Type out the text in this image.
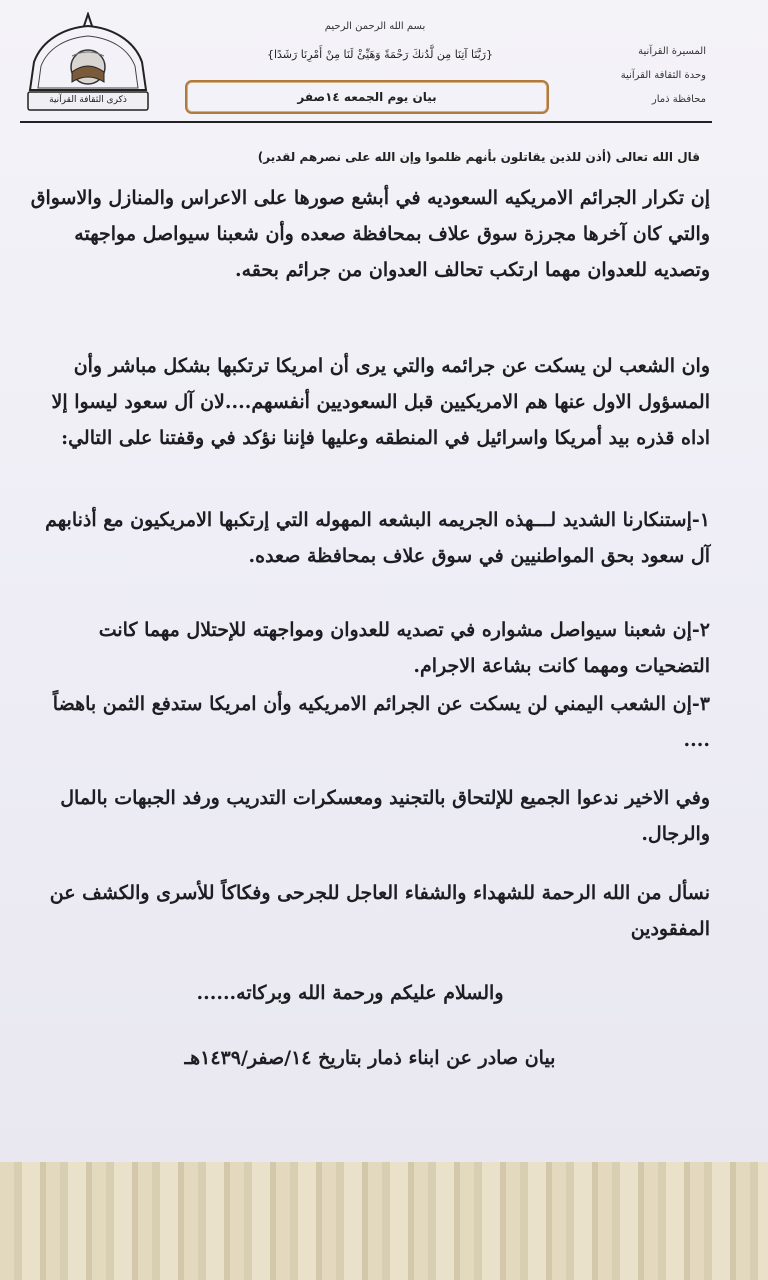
ذكرى الثقافة القرآنية
بسم الله الرحمن الرحيم
{رَبَّنَا آتِنَا مِن لَّدُنكَ رَحْمَةً وَهَيِّئْ لَنَا مِنْ أَمْرِنَا رَشَدًا}	المسيرة القرآنية
وحدة الثقافة القرآنية
محافظة ذمار
بيان يوم الجمعه ١٤صفر
قال الله تعالى (أذن للذين يقاتلون بأنهم ظلموا وإن الله على نصرهم لقدير)
إن تكرار الجرائم الامريكيه السعوديه في أبشع صورها على الاعراس والمنازل والاسواق والتي كان آخرها مجرزة سوق علاف بمحافظة صعده وأن شعبنا سيواصل مواجهته وتصديه للعدوان مهما ارتكب تحالف العدوان من جرائم بحقه.
وان الشعب لن يسكت عن جرائمه والتي يرى أن امريكا ترتكبها بشكل مباشر وأن المسؤول الاول عنها هم الامريكيين قبل السعوديين أنفسهم....لان آل سعود ليسوا إلا اداه قذره بيد أمريكا واسرائيل في المنطقه وعليها فإننا نؤكد في وقفتنا على التالي:
١-إستنكارنا الشديد لـــهذه الجريمه البشعه المهوله التي إرتكبها الامريكيون مع أذنابهم آل سعود بحق المواطنيين في سوق علاف بمحافظة صعده.
٢-إن شعبنا سيواصل مشواره في تصديه للعدوان ومواجهته للإحتلال مهما كانت التضحيات ومهما كانت بشاعة الاجرام.
٣-إن الشعب اليمني لن يسكت عن الجرائم الامريكيه وأن امريكا ستدفع الثمن باهضاً ....
وفي الاخير ندعوا الجميع للإلتحاق بالتجنيد ومعسكرات التدريب ورفد الجبهات بالمال والرجال.
نسأل من الله الرحمة للشهداء والشفاء العاجل للجرحى وفكاكاً للأسرى والكشف عن المفقودين
والسلام عليكم ورحمة الله وبركاته......
بيان صادر عن ابناء ذمار بتاريخ ١٤/صفر/١٤٣٩هـ
